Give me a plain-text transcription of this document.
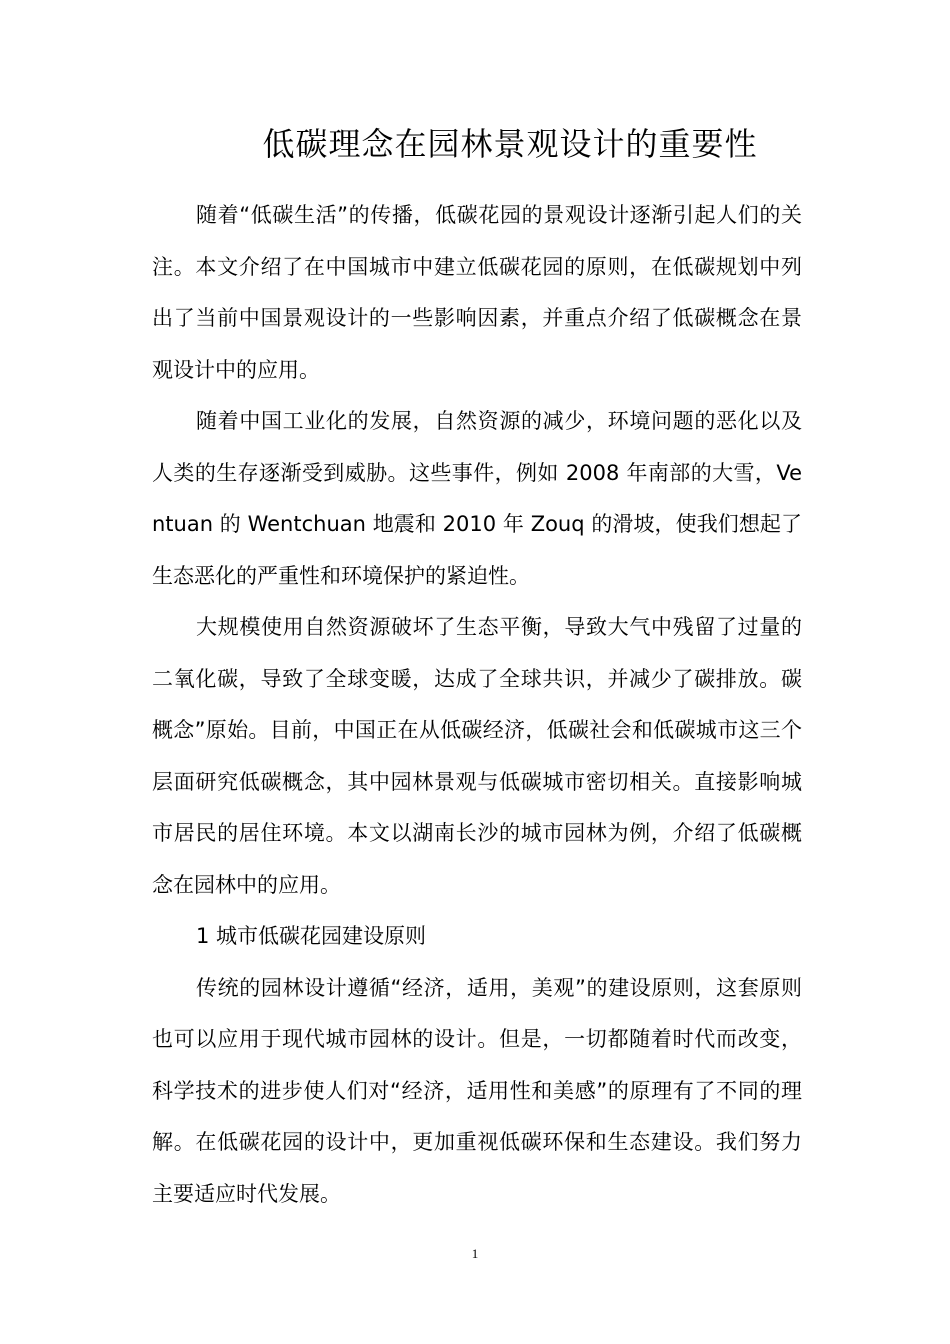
低碳理念在园林景观设计的重要性

随着“低碳生活”的传播，低碳花园的景观设计逐渐引起人们的关注。本文介绍了在中国城市中建立低碳花园的原则，在低碳规划中列出了当前中国景观设计的一些影响因素，并重点介绍了低碳概念在景观设计中的应用。

随着中国工业化的发展，自然资源的减少，环境问题的恶化以及人类的生存逐渐受到威胁。这些事件，例如 2008 年南部的大雪，Ventuan 的 Wentchuan 地震和 2010 年 Zouq 的滑坡，使我们想起了生态恶化的严重性和环境保护的紧迫性。

大规模使用自然资源破坏了生态平衡，导致大气中残留了过量的二氧化碳，导致了全球变暖，达成了全球共识，并减少了碳排放。碳概念”原始。目前，中国正在从低碳经济，低碳社会和低碳城市这三个层面研究低碳概念，其中园林景观与低碳城市密切相关。直接影响城市居民的居住环境。本文以湖南长沙的城市园林为例，介绍了低碳概念在园林中的应用。

1 城市低碳花园建设原则

传统的园林设计遵循“经济，适用，美观”的建设原则，这套原则也可以应用于现代城市园林的设计。但是，一切都随着时代而改变，科学技术的进步使人们对“经济，适用性和美感”的原理有了不同的理解。在低碳花园的设计中，更加重视低碳环保和生态建设。我们努力主要适应时代发展。

1
